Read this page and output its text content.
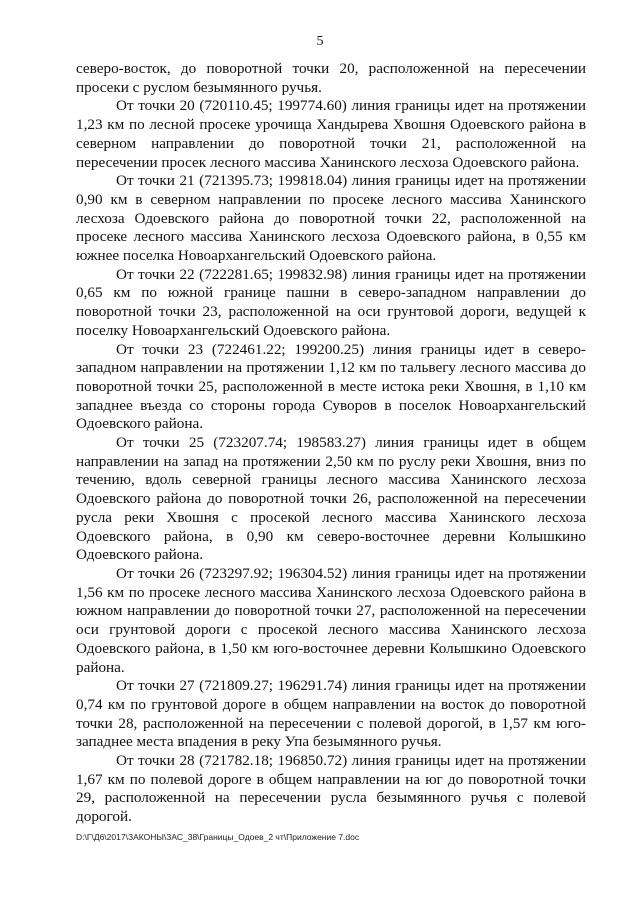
5

северо-восток, до поворотной точки 20, расположенной на пересечении просеки с руслом безымянного ручья.

От точки 20 (720110.45; 199774.60) линия границы идет на протяжении 1,23 км по лесной просеке урочища Хандырева Хвошня Одоевского района в северном направлении до поворотной точки 21, расположенной на пересечении просек лесного массива Ханинского лесхоза Одоевского района.

От точки 21 (721395.73; 199818.04) линия границы идет на протяжении 0,90 км в северном направлении по просеке лесного массива Ханинского лесхоза Одоевского района до поворотной точки 22, расположенной на просеке лесного массива Ханинского лесхоза Одоевского района, в 0,55 км южнее поселка Новоархангельский Одоевского района.

От точки 22 (722281.65; 199832.98) линия границы идет на протяжении 0,65 км по южной границе пашни в северо-западном направлении до поворотной точки 23, расположенной на оси грунтовой дороги, ведущей к поселку Новоархангельский Одоевского района.

От точки 23 (722461.22; 199200.25) линия границы идет в северо-западном направлении на протяжении 1,12 км по тальвегу лесного массива до поворотной точки 25, расположенной в месте истока реки Хвошня, в 1,10 км западнее въезда со стороны города Суворов в поселок Новоархангельский Одоевского района.

От точки 25 (723207.74; 198583.27) линия границы идет в общем направлении на запад на протяжении 2,50 км по руслу реки Хвошня, вниз по течению, вдоль северной границы лесного массива Ханинского лесхоза Одоевского района до поворотной точки 26, расположенной на пересечении русла реки Хвошня с просекой лесного массива Ханинского лесхоза Одоевского района, в 0,90 км северо-восточнее деревни Колышкино Одоевского района.

От точки 26 (723297.92; 196304.52) линия границы идет на протяжении 1,56 км по просеке лесного массива Ханинского лесхоза Одоевского района в южном направлении до поворотной точки 27, расположенной на пересечении оси грунтовой дороги с просекой лесного массива Ханинского лесхоза Одоевского района, в 1,50 км юго-восточнее деревни Колышкино Одоевского района.

От точки 27 (721809.27; 196291.74) линия границы идет на протяжении 0,74 км по грунтовой дороге в общем направлении на восток до поворотной точки 28, расположенной на пересечении с полевой дорогой, в 1,57 км юго-западнее места впадения в реку Упа безымянного ручья.

От точки 28 (721782.18; 196850.72) линия границы идет на протяжении 1,67 км по полевой дороге в общем направлении на юг до поворотной точки 29, расположенной на пересечении русла безымянного ручья с полевой дорогой.

D:\Г\Д6\2017\ЗАКОНЫ\ЗАС_38\Границы_Одоев_2 чт\Приложение 7.doc
